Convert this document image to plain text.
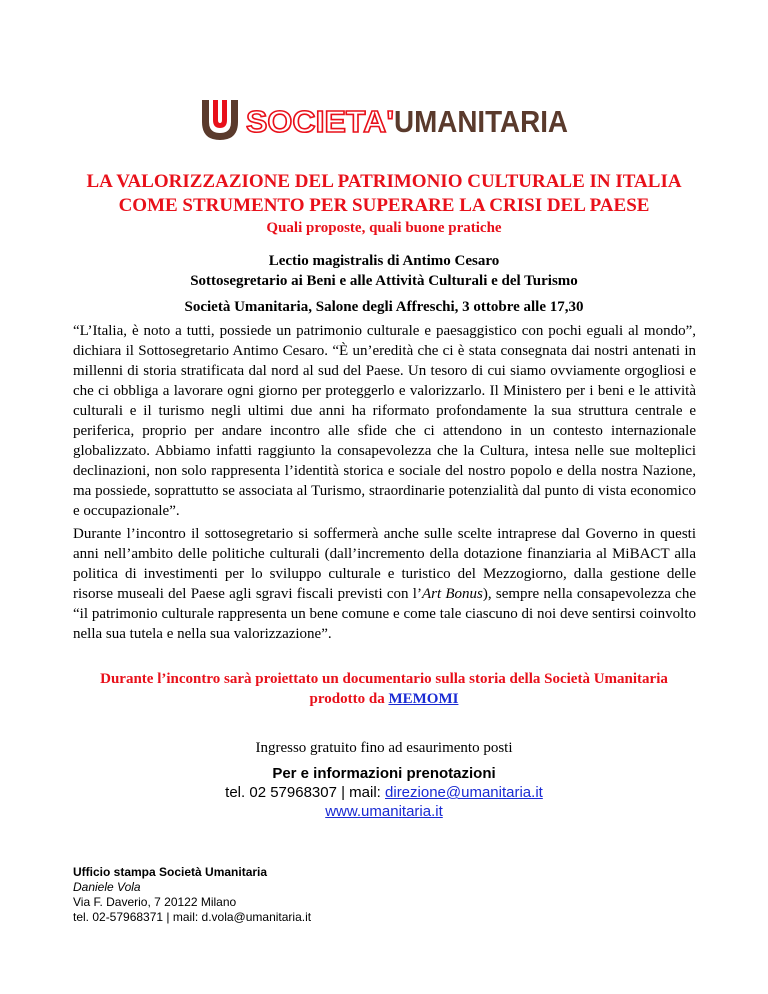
SOCIETA' UMANITARIA
LA VALORIZZAZIONE DEL PATRIMONIO CULTURALE IN ITALIA
COME STRUMENTO PER SUPERARE LA CRISI DEL PAESE
Quali proposte, quali buone pratiche
Lectio magistralis di Antimo Cesaro
Sottosegretario ai Beni e alle Attività Culturali e del Turismo
Società Umanitaria, Salone degli Affreschi, 3 ottobre alle 17,30

“L’Italia, è noto a tutti, possiede un patrimonio culturale e paesaggistico con pochi eguali al mondo”, dichiara il Sottosegretario Antimo Cesaro. “È un’eredità che ci è stata consegnata dai nostri antenati in millenni di storia stratificata dal nord al sud del Paese. Un tesoro di cui siamo ovviamente orgogliosi e che ci obbliga a lavorare ogni giorno per proteggerlo e valorizzarlo. Il Ministero per i beni e le attività culturali e il turismo negli ultimi due anni ha riformato profondamente la sua struttura centrale e periferica, proprio per andare incontro alle sfide che ci attendono in un contesto internazionale globalizzato. Abbiamo infatti raggiunto la consapevolezza che la Cultura, intesa nelle sue molteplici declinazioni, non solo rappresenta l’identità storica e sociale del nostro popolo e della nostra Nazione, ma possiede, soprattutto se associata al Turismo, straordinarie potenzialità dal punto di vista economico e occupazionale”.

Durante l’incontro il sottosegretario si soffermerà anche sulle scelte intraprese dal Governo in questi anni nell’ambito delle politiche culturali (dall’incremento della dotazione finanziaria al MiBACT alla politica di investimenti per lo sviluppo culturale e turistico del Mezzogiorno, dalla gestione delle risorse museali del Paese agli sgravi fiscali previsti con l’Art Bonus), sempre nella consapevolezza che “il patrimonio culturale rappresenta un bene comune e come tale ciascuno di noi deve sentirsi coinvolto nella sua tutela e nella sua valorizzazione”.

Durante l’incontro sarà proiettato un documentario sulla storia della Società Umanitaria
prodotto da MEMOMI
Ingresso gratuito fino ad esaurimento posti
Per e informazioni prenotazioni
tel. 02 57968307 | mail: direzione@umanitaria.it
www.umanitaria.it
Ufficio stampa Società Umanitaria
Daniele Vola
Via F. Daverio, 7 20122 Milano
tel. 02-57968371 | mail: d.vola@umanitaria.it
